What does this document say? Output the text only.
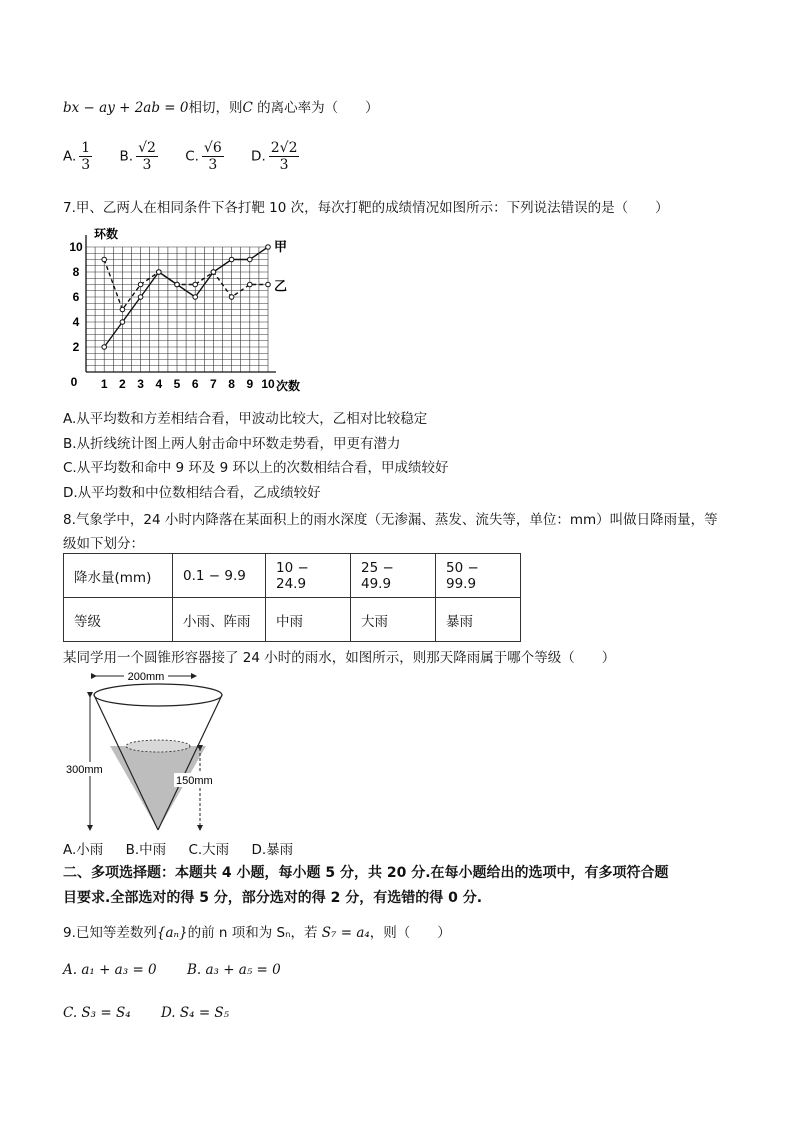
bx − ay + 2ab = 0相切，则C 的离心率为（　　）
A. $\frac{1}{3} B$. $\frac{√2}{3} C$. $\frac{√6}{3} D$. $\frac{2√2}{3}$
7.甲、乙两人在相同条件下各打靶 10 次，每次打靶的成绩情况如图所示：下列说法错误的是（　　）
环数
次数
0
2
4
6
8
10
1 2 3 4 5 6 7 8 9 10
甲
乙
A.从平均数和方差相结合看，甲波动比较大，乙相对比较稳定
B.从折线统计图上两人射击命中环数走势看，甲更有潜力
C.从平均数和命中 9 环及 9 环以上的次数相结合看，甲成绩较好
D.从平均数和中位数相结合看，乙成绩较好
8.气象学中，24 小时内降落在某面积上的雨水深度（无渗漏、蒸发、流失等，单位：mm）叫做日降雨量，等
级如下划分：
降水量(mm)	0.1 − 9.9	10 − 24.9	25 − 49.9	50 − 99.9
等级	小雨、阵雨	中雨	大雨	暴雨
某同学用一个圆锥形容器接了 24 小时的雨水，如图所示，则那天降雨属于哪个等级（　　）
200mm
300mm
150mm
A.小雨 B.中雨 C.大雨 D.暴雨
二、多项选择题：本题共 4 小题，每小题 5 分，共 20 分.在每小题给出的选项中，有多项符合题
目要求.全部选对的得 5 分，部分选对的得 2 分，有选错的得 0 分.
9.已知等差数列{aₙ}的前 n 项和为 Sₙ，若 S₇ = a₄，则（　　）
A. a₁ + a₃ = 0 B. a₃ + a₅ = 0
C. S₃ = S₄ D. S₄ = S₅
